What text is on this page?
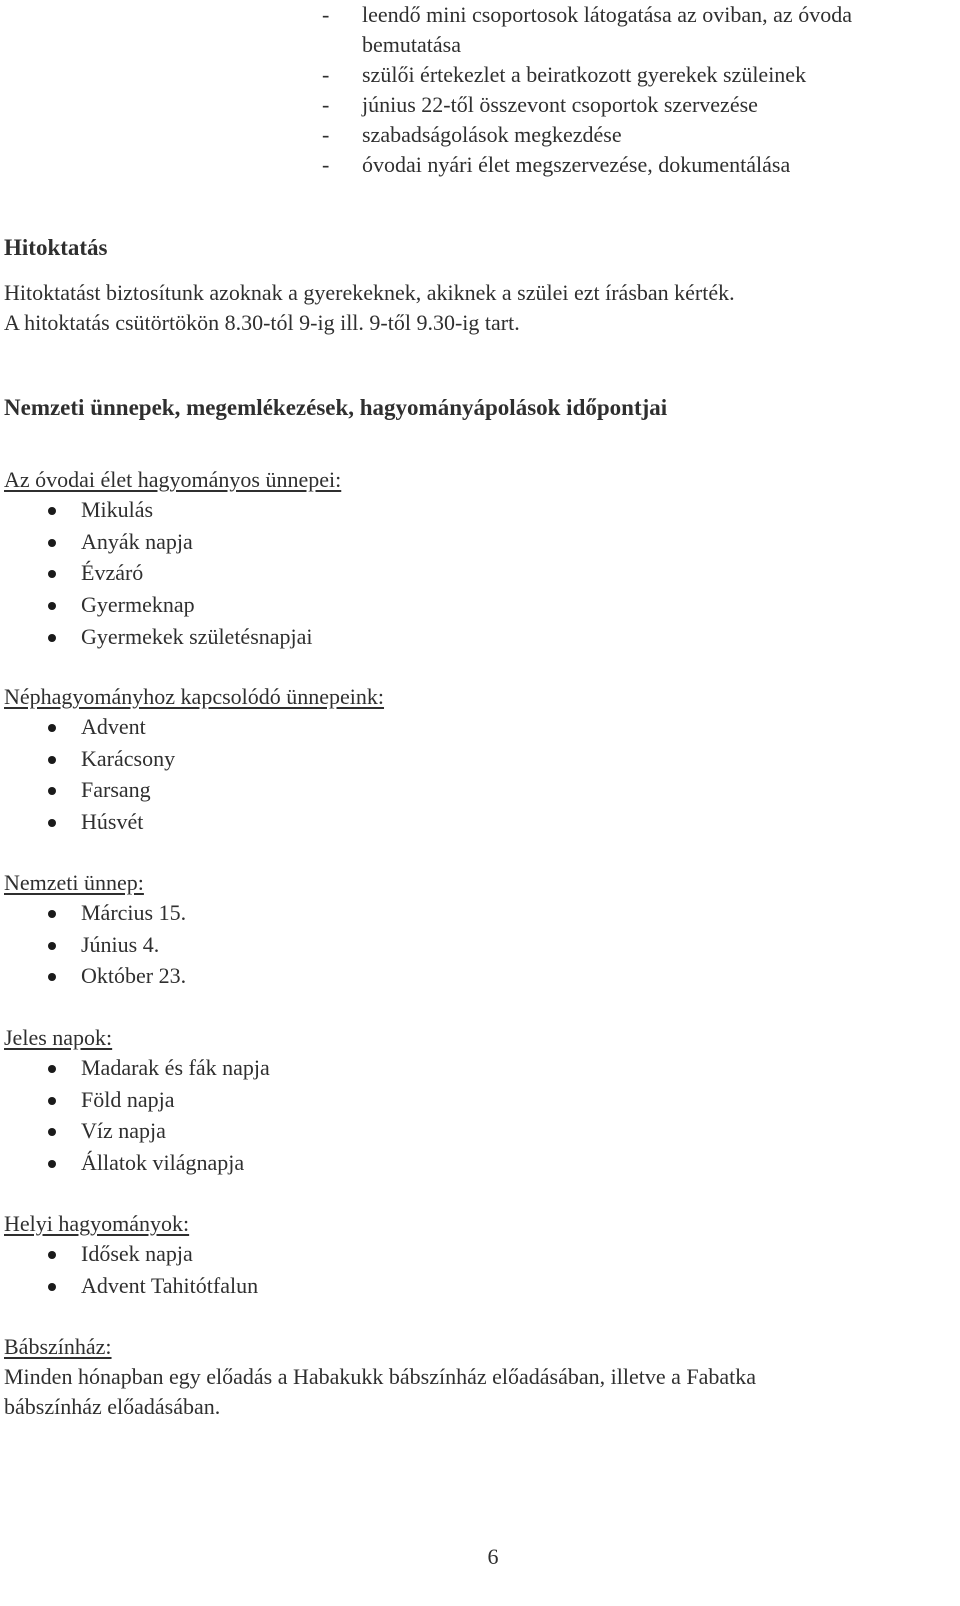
- leendő mini csoportosok látogatása az oviban, az óvoda bemutatása
- szülői értekezlet a beiratkozott gyerekek szüleinek
- június 22-től összevont csoportok szervezése
- szabadságolások megkezdése
- óvodai nyári élet megszervezése, dokumentálása
Hitoktatás

Hitoktatást biztosítunk azoknak a gyerekeknek, akiknek a szülei ezt írásban kérték.

A hitoktatás csütörtökön 8.30-tól 9-ig ill. 9-től 9.30-ig tart.

Nemzeti ünnepek, megemlékezések, hagyományápolások időpontjai
Az óvodai élet hagyományos ünnepei:
Mikulás
Anyák napja
Évzáró
Gyermeknap
Gyermekek születésnapjai
Néphagyományhoz kapcsolódó ünnepeink:
Advent
Karácsony
Farsang
Húsvét
Nemzeti ünnep:
Március 15.
Június 4.
Október 23.
Jeles napok:
Madarak és fák napja
Föld napja
Víz napja
Állatok világnapja
Helyi hagyományok:
Idősek napja
Advent Tahitótfalun
Bábszínház:

Minden hónapban egy előadás a Habakukk bábszínház előadásában, illetve a Fabatka

bábszínház előadásában.

6
